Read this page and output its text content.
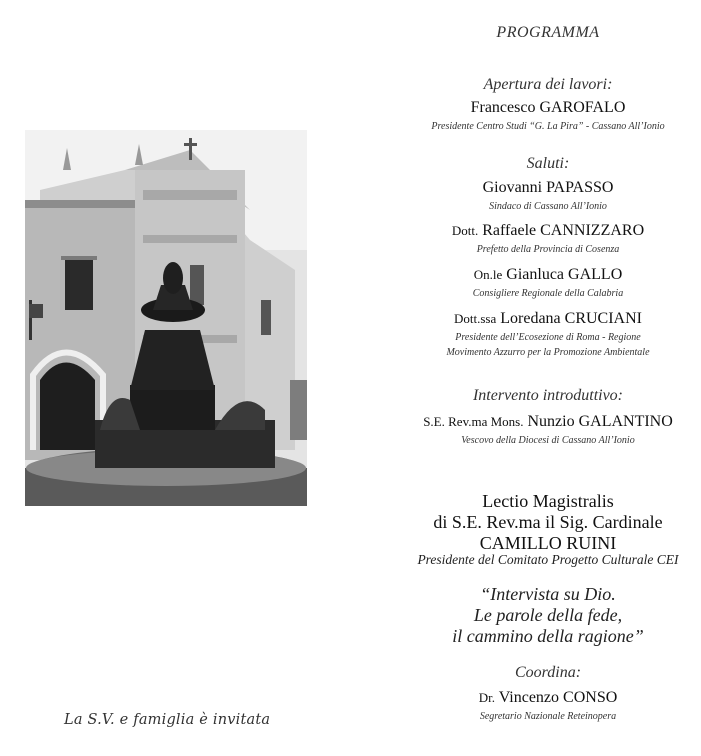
La S.V. e famiglia è invitata
PROGRAMMA
Apertura dei lavori:
Francesco GAROFALO
Presidente Centro Studi “G. La Pira” - Cassano All’Ionio
Saluti:
Giovanni PAPASSO
Sindaco di Cassano All’Ionio
Dott. Raffaele CANNIZZARO
Prefetto della Provincia di Cosenza
On.le Gianluca GALLO
Consigliere Regionale della Calabria
Dott.ssa Loredana CRUCIANI
Presidente dell’Ecosezione di Roma - Regione
Movimento Azzurro per la Promozione Ambientale
Intervento introduttivo:
S.E. Rev.ma Mons. Nunzio GALANTINO
Vescovo della Diocesi di Cassano All’Ionio
Lectio Magistralis
di S.E. Rev.ma il Sig. Cardinale
CAMILLO RUINI
Presidente del Comitato Progetto Culturale CEI
“Intervista su Dio.
Le parole della fede,
il cammino della ragione”
Coordina:
Dr. Vincenzo CONSO
Segretario Nazionale Reteinopera
